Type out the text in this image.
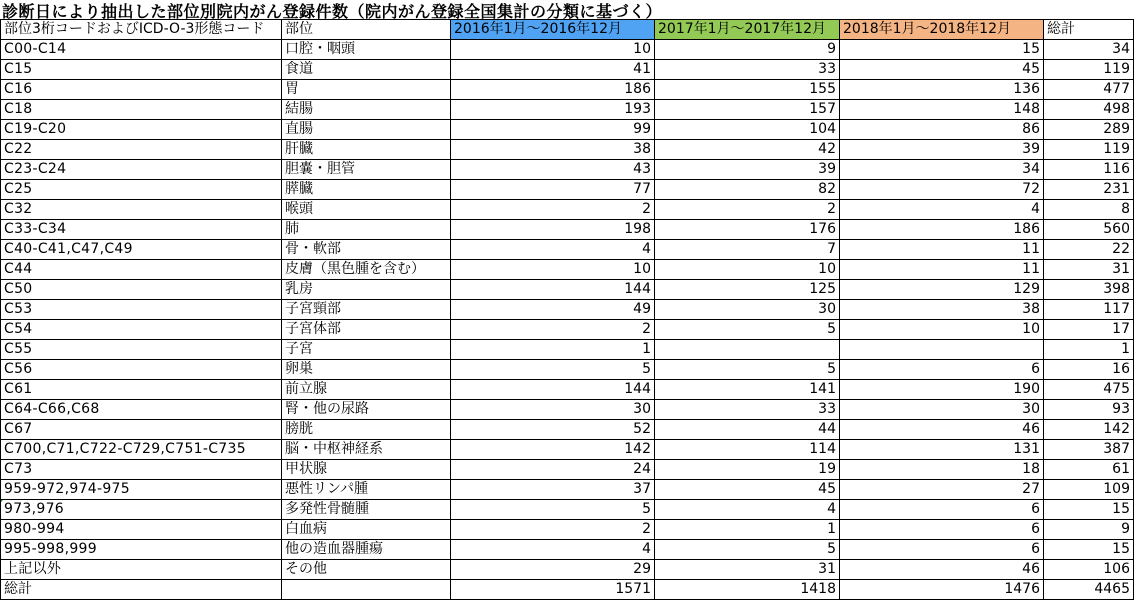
診断日により抽出した部位別院内がん登録件数（院内がん登録全国集計の分類に基づく）
部位3桁コードおよびICD-O-3形態コード	部位	2016年1月～2016年12月	2017年1月～2017年12月	2018年1月～2018年12月	総計
C00-C14	口腔・咽頭	10	9	15	34
C15	食道	41	33	45	119
C16	胃	186	155	136	477
C18	結腸	193	157	148	498
C19-C20	直腸	99	104	86	289
C22	肝臓	38	42	39	119
C23-C24	胆嚢・胆管	43	39	34	116
C25	膵臓	77	82	72	231
C32	喉頭	2	2	4	8
C33-C34	肺	198	176	186	560
C40-C41,C47,C49	骨・軟部	4	7	11	22
C44	皮膚（黒色腫を含む）	10	10	11	31
C50	乳房	144	125	129	398
C53	子宮頸部	49	30	38	117
C54	子宮体部	2	5	10	17
C55	子宮	1			1
C56	卵巣	5	5	6	16
C61	前立腺	144	141	190	475
C64-C66,C68	腎・他の尿路	30	33	30	93
C67	膀胱	52	44	46	142
C700,C71,C722-C729,C751-C735	脳・中枢神経系	142	114	131	387
C73	甲状腺	24	19	18	61
959-972,974-975	悪性リンパ腫	37	45	27	109
973,976	多発性骨髄腫	5	4	6	15
980-994	白血病	2	1	6	9
995-998,999	他の造血器腫瘍	4	5	6	15
上記以外	その他	29	31	46	106
総計		1571	1418	1476	4465
